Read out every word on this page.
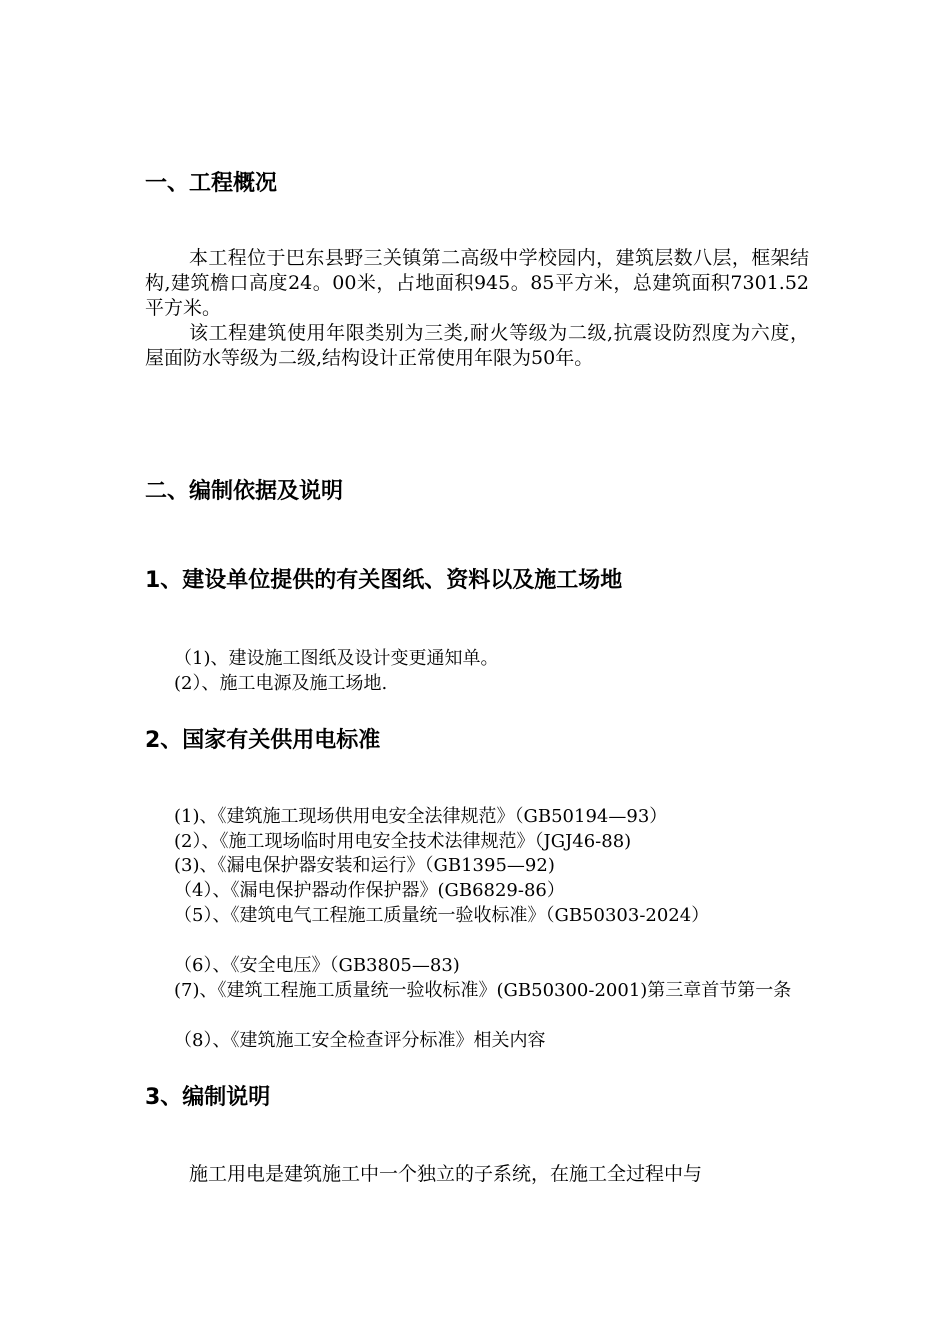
一、工程概况

本工程位于巴东县野三关镇第二高级中学校园内，建筑层数八层，框架结构,建筑檐口高度24。00米，占地面积945。85平方米，总建筑面积7301.52平方米。

该工程建筑使用年限类别为三类,耐火等级为二级,抗震设防烈度为六度，屋面防水等级为二级,结构设计正常使用年限为50年。

二、编制依据及说明
1、建设单位提供的有关图纸、资料以及施工场地
（1)、建设施工图纸及设计变更通知单。
(2）、施工电源及施工场地.
2、国家有关供用电标准
(1)、《建筑施工现场供用电安全法律规范》（GB50194—93）
(2）、《施工现场临时用电安全技术法律规范》（JGJ46-88)
(3)、《漏电保护器安装和运行》（GB1395—92)
（4）、《漏电保护器动作保护器》(GB6829-86）
（5）、《建筑电气工程施工质量统一验收标准》（GB50303-2024）
（6）、《安全电压》（GB3805—83)
(7)、《建筑工程施工质量统一验收标准》(GB50300-2001)第三章首节第一条
（8）、《建筑施工安全检查评分标准》相关内容
3、编制说明

施工用电是建筑施工中一个独立的子系统，在施工全过程中与
